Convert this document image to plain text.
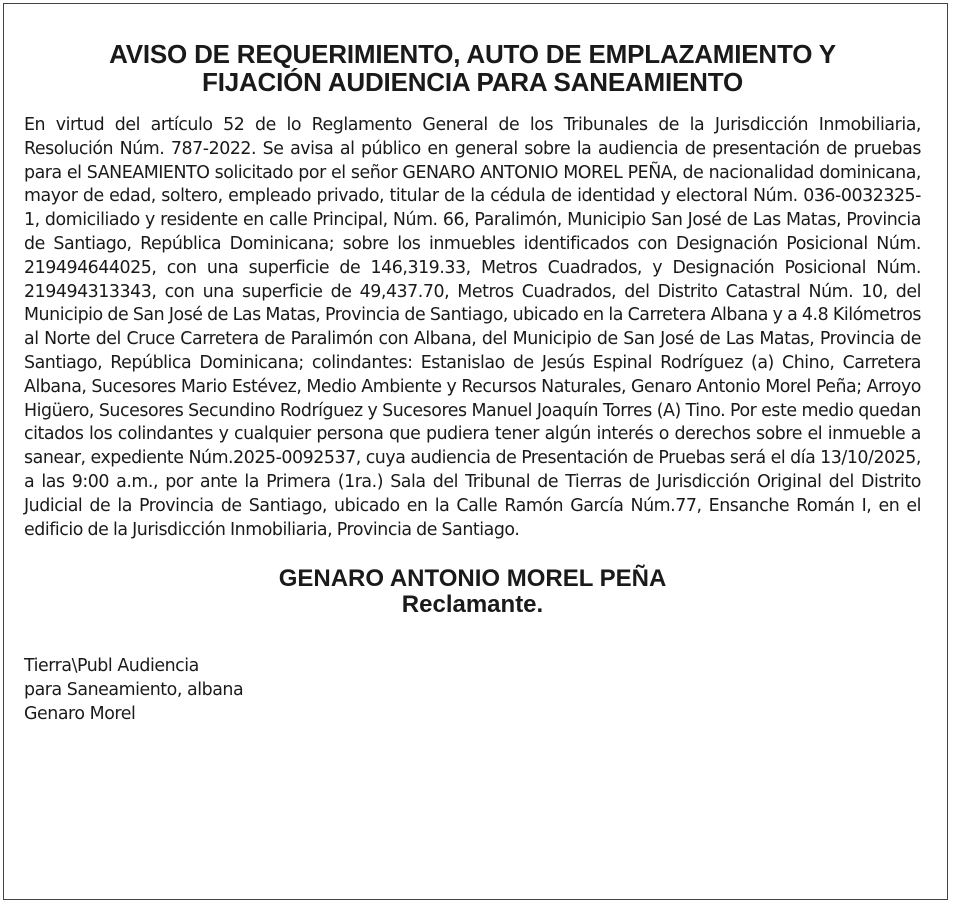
AVISO DE REQUERIMIENTO, AUTO DE EMPLAZAMIENTO Y
FIJACIÓN AUDIENCIA PARA SANEAMIENTO

En virtud del artículo 52 de lo Reglamento General de los Tribunales de la Jurisdicción Inmobiliaria, Resolución Núm. 787-2022. Se avisa al público en general sobre la audiencia de presentación de pruebas para el SANEAMIENTO solicitado por el señor GENARO ANTONIO MOREL PEÑA, de nacionalidad dominicana, mayor de edad, soltero, empleado privado, titular de la cédula de identidad y electoral Núm. 036-0032325-1, domiciliado y residente en calle Principal, Núm. 66, Paralimón, Municipio San José de Las Matas, Provincia de Santiago, República Dominicana; sobre los inmuebles identificados con Designación Posicional Núm. 219494644025, con una superficie de 146,319.33, Metros Cuadrados, y Designación Posicional Núm. 219494313343, con una superficie de 49,437.70, Metros Cuadrados, del Distrito Catastral Núm. 10, del Municipio de San José de Las Matas, Provincia de Santiago, ubicado en la Carretera Albana y a 4.8 Kilómetros al Norte del Cruce Carretera de Paralimón con Albana, del Municipio de San José de Las Matas, Provincia de Santiago, República Dominicana; colindantes: Estanislao de Jesús Espinal Rodríguez (a) Chino, Carretera Albana, Sucesores Mario Estévez, Medio Ambiente y Recursos Naturales, Genaro Antonio Morel Peña; Arroyo Higüero, Sucesores Secundino Rodríguez y Sucesores Manuel Joaquín Torres (A) Tino. Por este medio quedan citados los colindantes y cualquier persona que pudiera tener algún interés o derechos sobre el inmueble a sanear, expediente Núm.2025-0092537, cuya audiencia de Presentación de Pruebas será el día 13/10/2025, a las 9:00 a.m., por ante la Primera (1ra.) Sala del Tribunal de Tierras de Jurisdicción Original del Distrito Judicial de la Provincia de Santiago, ubicado en la Calle Ramón García Núm.77, Ensanche Román I, en el edificio de la Jurisdicción Inmobiliaria, Provincia de Santiago.

GENARO ANTONIO MOREL PEÑA
Reclamante.
Tierra\Publ Audiencia
para Saneamiento, albana
Genaro Morel
